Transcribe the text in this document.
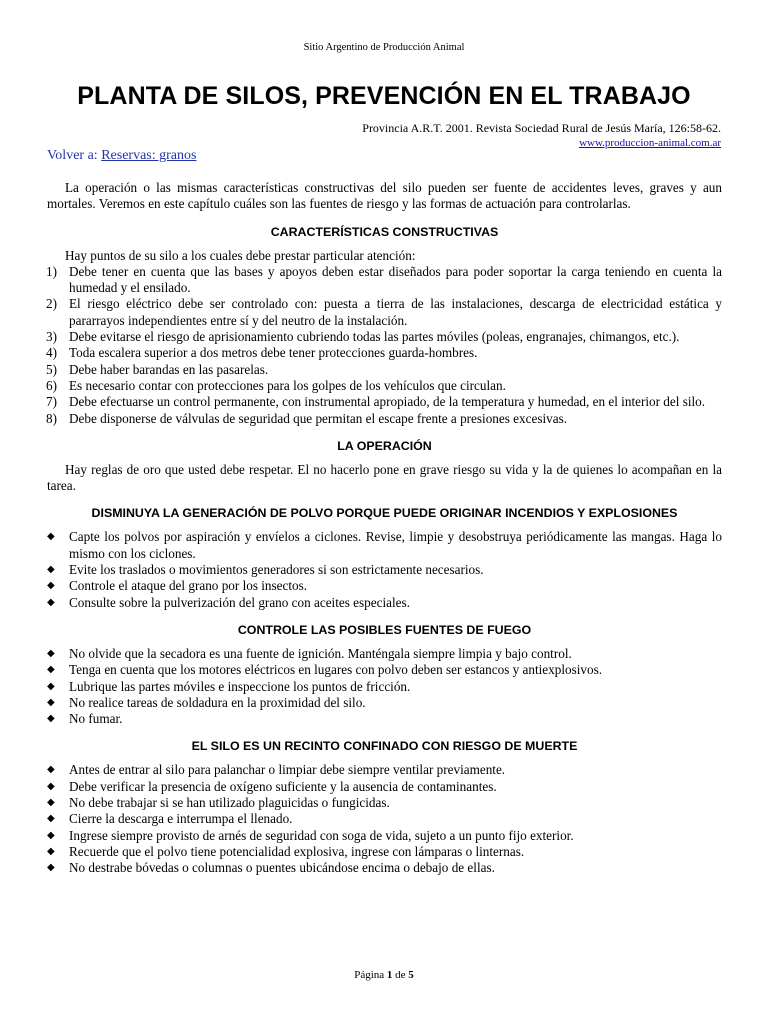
Sitio Argentino de Producción Animal
PLANTA DE SILOS, PREVENCIÓN EN EL TRABAJO
Provincia A.R.T. 2001. Revista Sociedad Rural de Jesús María, 126:58-62.
www.produccion-animal.com.ar
Volver a: Reservas: granos

La operación o las mismas características constructivas del silo pueden ser fuente de accidentes leves, graves y aun mortales. Veremos en este capítulo cuáles son las fuentes de riesgo y las formas de actuación para controlarlas.

CARACTERÍSTICAS CONSTRUCTIVAS

Hay puntos de su silo a los cuales debe prestar particular atención:

1) Debe tener en cuenta que las bases y apoyos deben estar diseñados para poder soportar la carga teniendo en cuenta la humedad y el ensilado.
2) El riesgo eléctrico debe ser controlado con: puesta a tierra de las instalaciones, descarga de electricidad estática y pararrayos independientes entre sí y del neutro de la instalación.
3) Debe evitarse el riesgo de aprisionamiento cubriendo todas las partes móviles (poleas, engranajes, chimangos, etc.).
4) Toda escalera superior a dos metros debe tener protecciones guarda-hombres.
5) Debe haber barandas en las pasarelas.
6) Es necesario contar con protecciones para los golpes de los vehículos que circulan.
7) Debe efectuarse un control permanente, con instrumental apropiado, de la temperatura y humedad, en el interior del silo.
8) Debe disponerse de válvulas de seguridad que permitan el escape frente a presiones excesivas.
LA OPERACIÓN

Hay reglas de oro que usted debe respetar. El no hacerlo pone en grave riesgo su vida y la de quienes lo acompañan en la tarea.

DISMINUYA LA GENERACIÓN DE POLVO PORQUE PUEDE ORIGINAR INCENDIOS Y EXPLOSIONES
◆ Capte los polvos por aspiración y envíelos a ciclones. Revise, limpie y desobstruya periódicamente las mangas. Haga lo mismo con los ciclones.
◆ Evite los traslados o movimientos generadores si son estrictamente necesarios.
◆ Controle el ataque del grano por los insectos.
◆ Consulte sobre la pulverización del grano con aceites especiales.
CONTROLE LAS POSIBLES FUENTES DE FUEGO
◆ No olvide que la secadora es una fuente de ignición. Manténgala siempre limpia y bajo control.
◆ Tenga en cuenta que los motores eléctricos en lugares con polvo deben ser estancos y antiexplosivos.
◆ Lubrique las partes móviles e inspeccione los puntos de fricción.
◆ No realice tareas de soldadura en la proximidad del silo.
◆ No fumar.
EL SILO ES UN RECINTO CONFINADO CON RIESGO DE MUERTE
◆ Antes de entrar al silo para palanchar o limpiar debe siempre ventilar previamente.
◆ Debe verificar la presencia de oxígeno suficiente y la ausencia de contaminantes.
◆ No debe trabajar si se han utilizado plaguicidas o fungicidas.
◆ Cierre la descarga e interrumpa el llenado.
◆ Ingrese siempre provisto de arnés de seguridad con soga de vida, sujeto a un punto fijo exterior.
◆ Recuerde que el polvo tiene potencialidad explosiva, ingrese con lámparas o linternas.
◆ No destrabe bóvedas o columnas o puentes ubicándose encima o debajo de ellas.
Página 1 de 5
